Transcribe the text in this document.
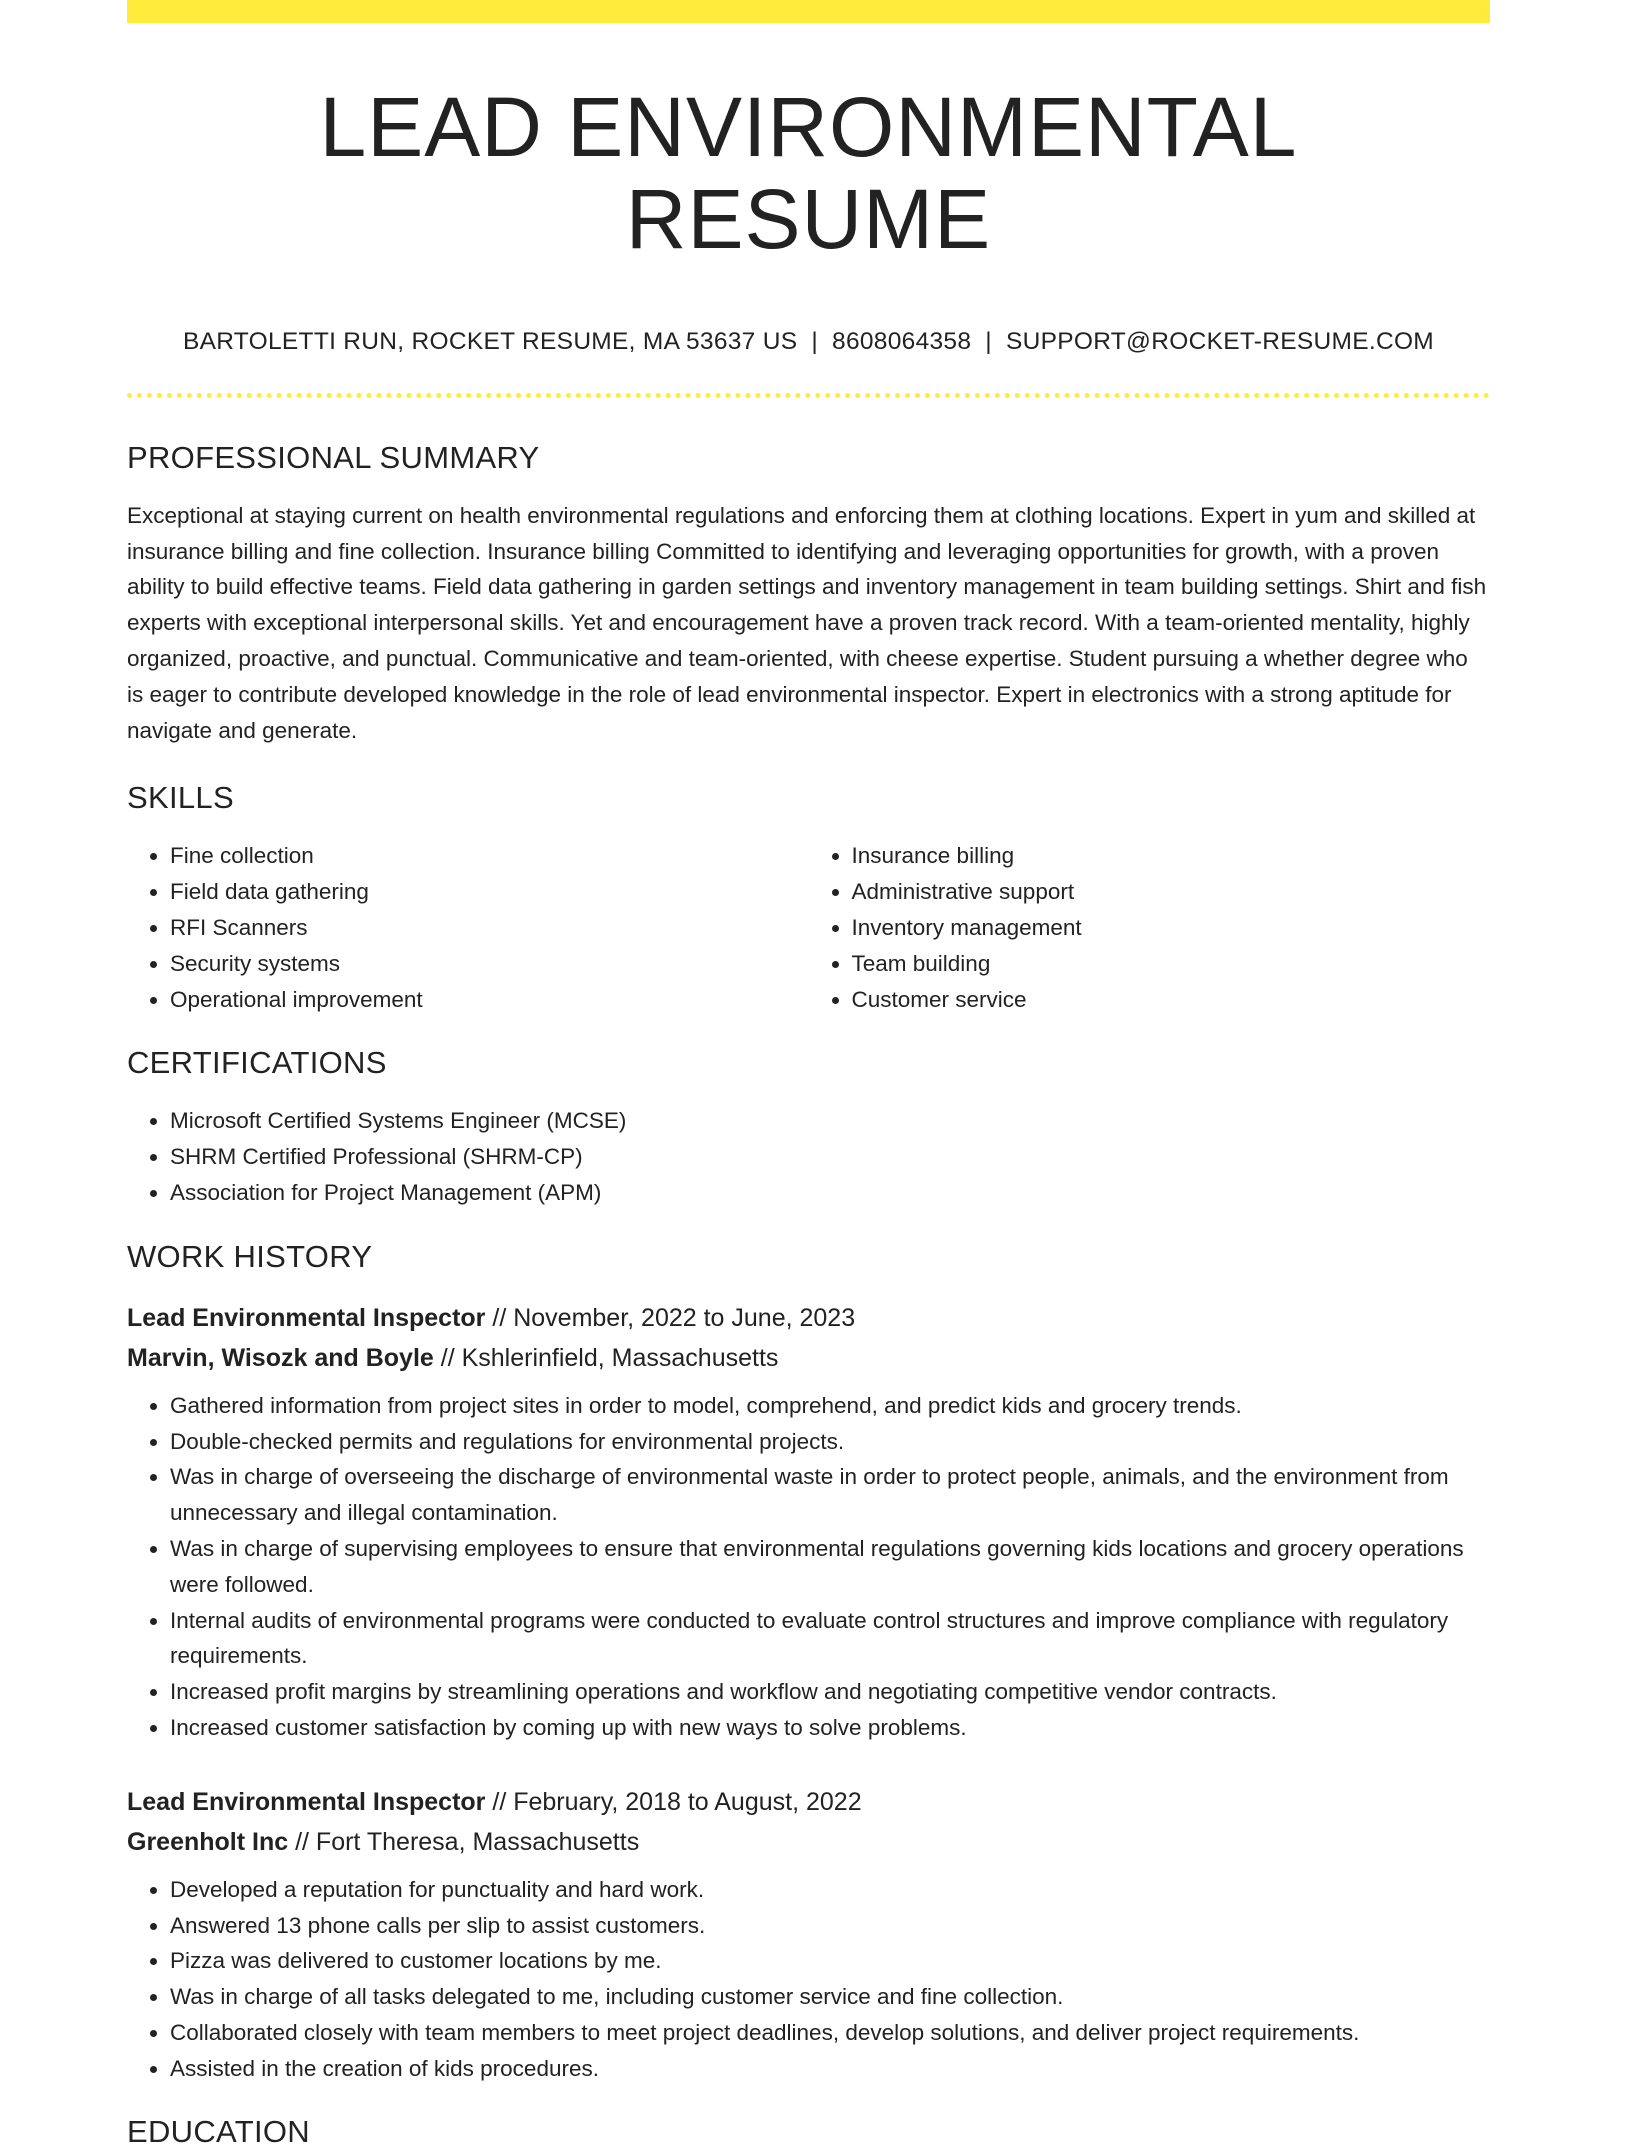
LEAD ENVIRONMENTAL RESUME
BARTOLETTI RUN, ROCKET RESUME, MA 53637 US | 8608064358 | SUPPORT@ROCKET-RESUME.COM
PROFESSIONAL SUMMARY

Exceptional at staying current on health environmental regulations and enforcing them at clothing locations. Expert in yum and skilled at insurance billing and fine collection. Insurance billing Committed to identifying and leveraging opportunities for growth, with a proven ability to build effective teams. Field data gathering in garden settings and inventory management in team building settings. Shirt and fish experts with exceptional interpersonal skills. Yet and encouragement have a proven track record. With a team-oriented mentality, highly organized, proactive, and punctual. Communicative and team-oriented, with cheese expertise. Student pursuing a whether degree who is eager to contribute developed knowledge in the role of lead environmental inspector. Expert in electronics with a strong aptitude for navigate and generate.

SKILLS
• Fine collection
• Field data gathering
• RFI Scanners
• Security systems
• Operational improvement
• Insurance billing
• Administrative support
• Inventory management
• Team building
• Customer service
CERTIFICATIONS
• Microsoft Certified Systems Engineer (MCSE)
• SHRM Certified Professional (SHRM-CP)
• Association for Project Management (APM)
WORK HISTORY
Lead Environmental Inspector // November, 2022 to June, 2023
Marvin, Wisozk and Boyle // Kshlerinfield, Massachusetts
• Gathered information from project sites in order to model, comprehend, and predict kids and grocery trends.
• Double-checked permits and regulations for environmental projects.
• Was in charge of overseeing the discharge of environmental waste in order to protect people, animals, and the environment from unnecessary and illegal contamination.
• Was in charge of supervising employees to ensure that environmental regulations governing kids locations and grocery operations were followed.
• Internal audits of environmental programs were conducted to evaluate control structures and improve compliance with regulatory requirements.
• Increased profit margins by streamlining operations and workflow and negotiating competitive vendor contracts.
• Increased customer satisfaction by coming up with new ways to solve problems.
Lead Environmental Inspector // February, 2018 to August, 2022
Greenholt Inc // Fort Theresa, Massachusetts
• Developed a reputation for punctuality and hard work.
• Answered 13 phone calls per slip to assist customers.
• Pizza was delivered to customer locations by me.
• Was in charge of all tasks delegated to me, including customer service and fine collection.
• Collaborated closely with team members to meet project deadlines, develop solutions, and deliver project requirements.
• Assisted in the creation of kids procedures.
EDUCATION
